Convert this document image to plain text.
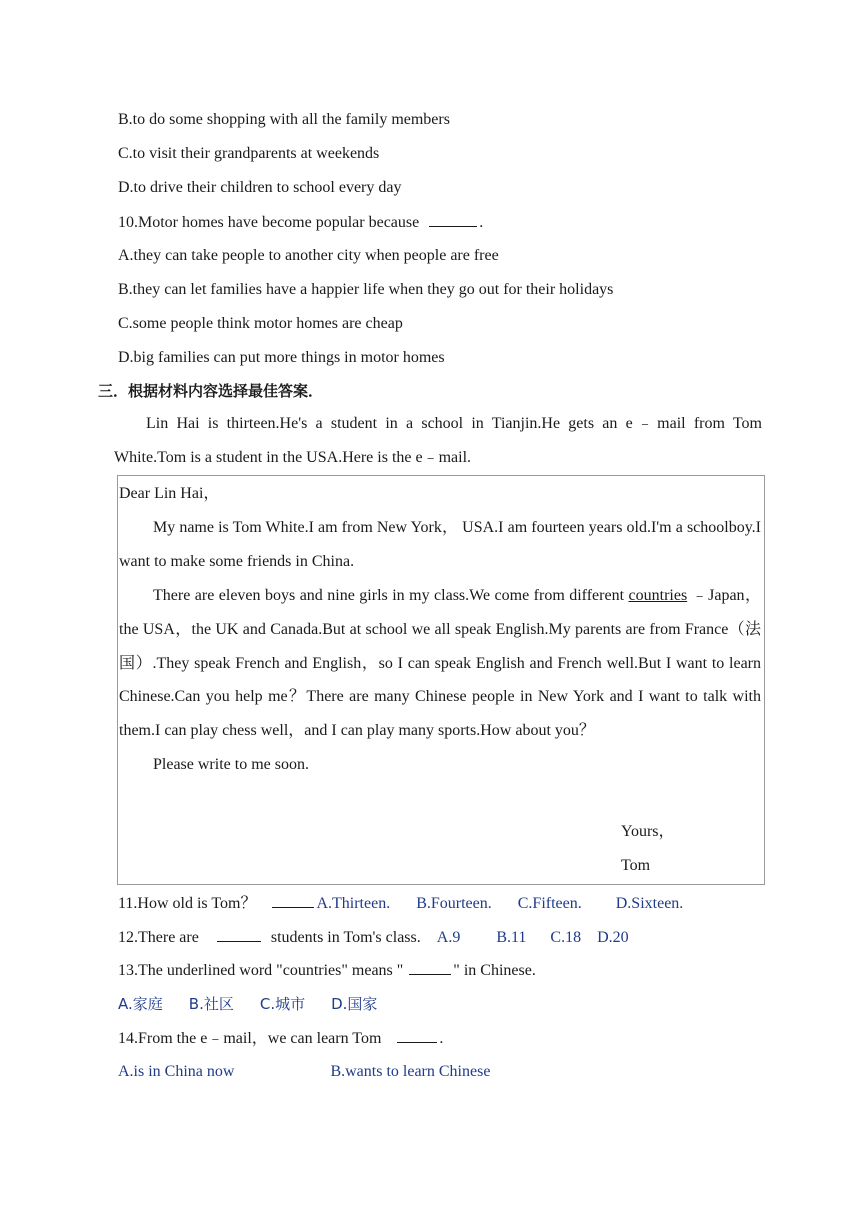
B.to do some shopping with all the family members
C.to visit their grandparents at weekends
D.to drive their children to school every day
10.Motor homes have become popular because	.
A.they can take people to another city when people are free
B.they can let families have a happier life when they go out for their holidays
C.some people think motor homes are cheap
D.big families can put more things in motor homes
三．根据材料内容选择最佳答案．
Lin Hai is thirteen.He's a student in a school in Tianjin.He gets an e﹣mail from Tom White.Tom is a student in the USA.Here is the e﹣mail.
Dear Lin Hai，
My name is Tom White.I am from New York， USA.I am fourteen years old.I'm a schoolboy.I want to make some friends in China.
There are eleven boys and nine girls in my class.We come from different countries ﹣Japan，the USA，the UK and Canada.But at school we all speak English.My parents are from France（法国）.They speak French and English，so I can speak English and French well.But I want to learn Chinese.Can you help me？There are many Chinese people in New York and I want to talk with them.I can play chess well，and I can play many sports.How about you？
Please write to me soon.
Yours，
Tom
11.How old is Tom？	A.Thirteen. B.Fourteen. C.Fifteen. D.Sixteen.
12.There are	students in Tom's class. A.9 B.11 C.18 D.20
13.The underlined word "countries" means "	" in Chinese.
A.家庭 B.社区 C.城市 D.国家
14.From the e﹣mail，we can learn Tom	.
A.is in China now	B.wants to learn Chinese
